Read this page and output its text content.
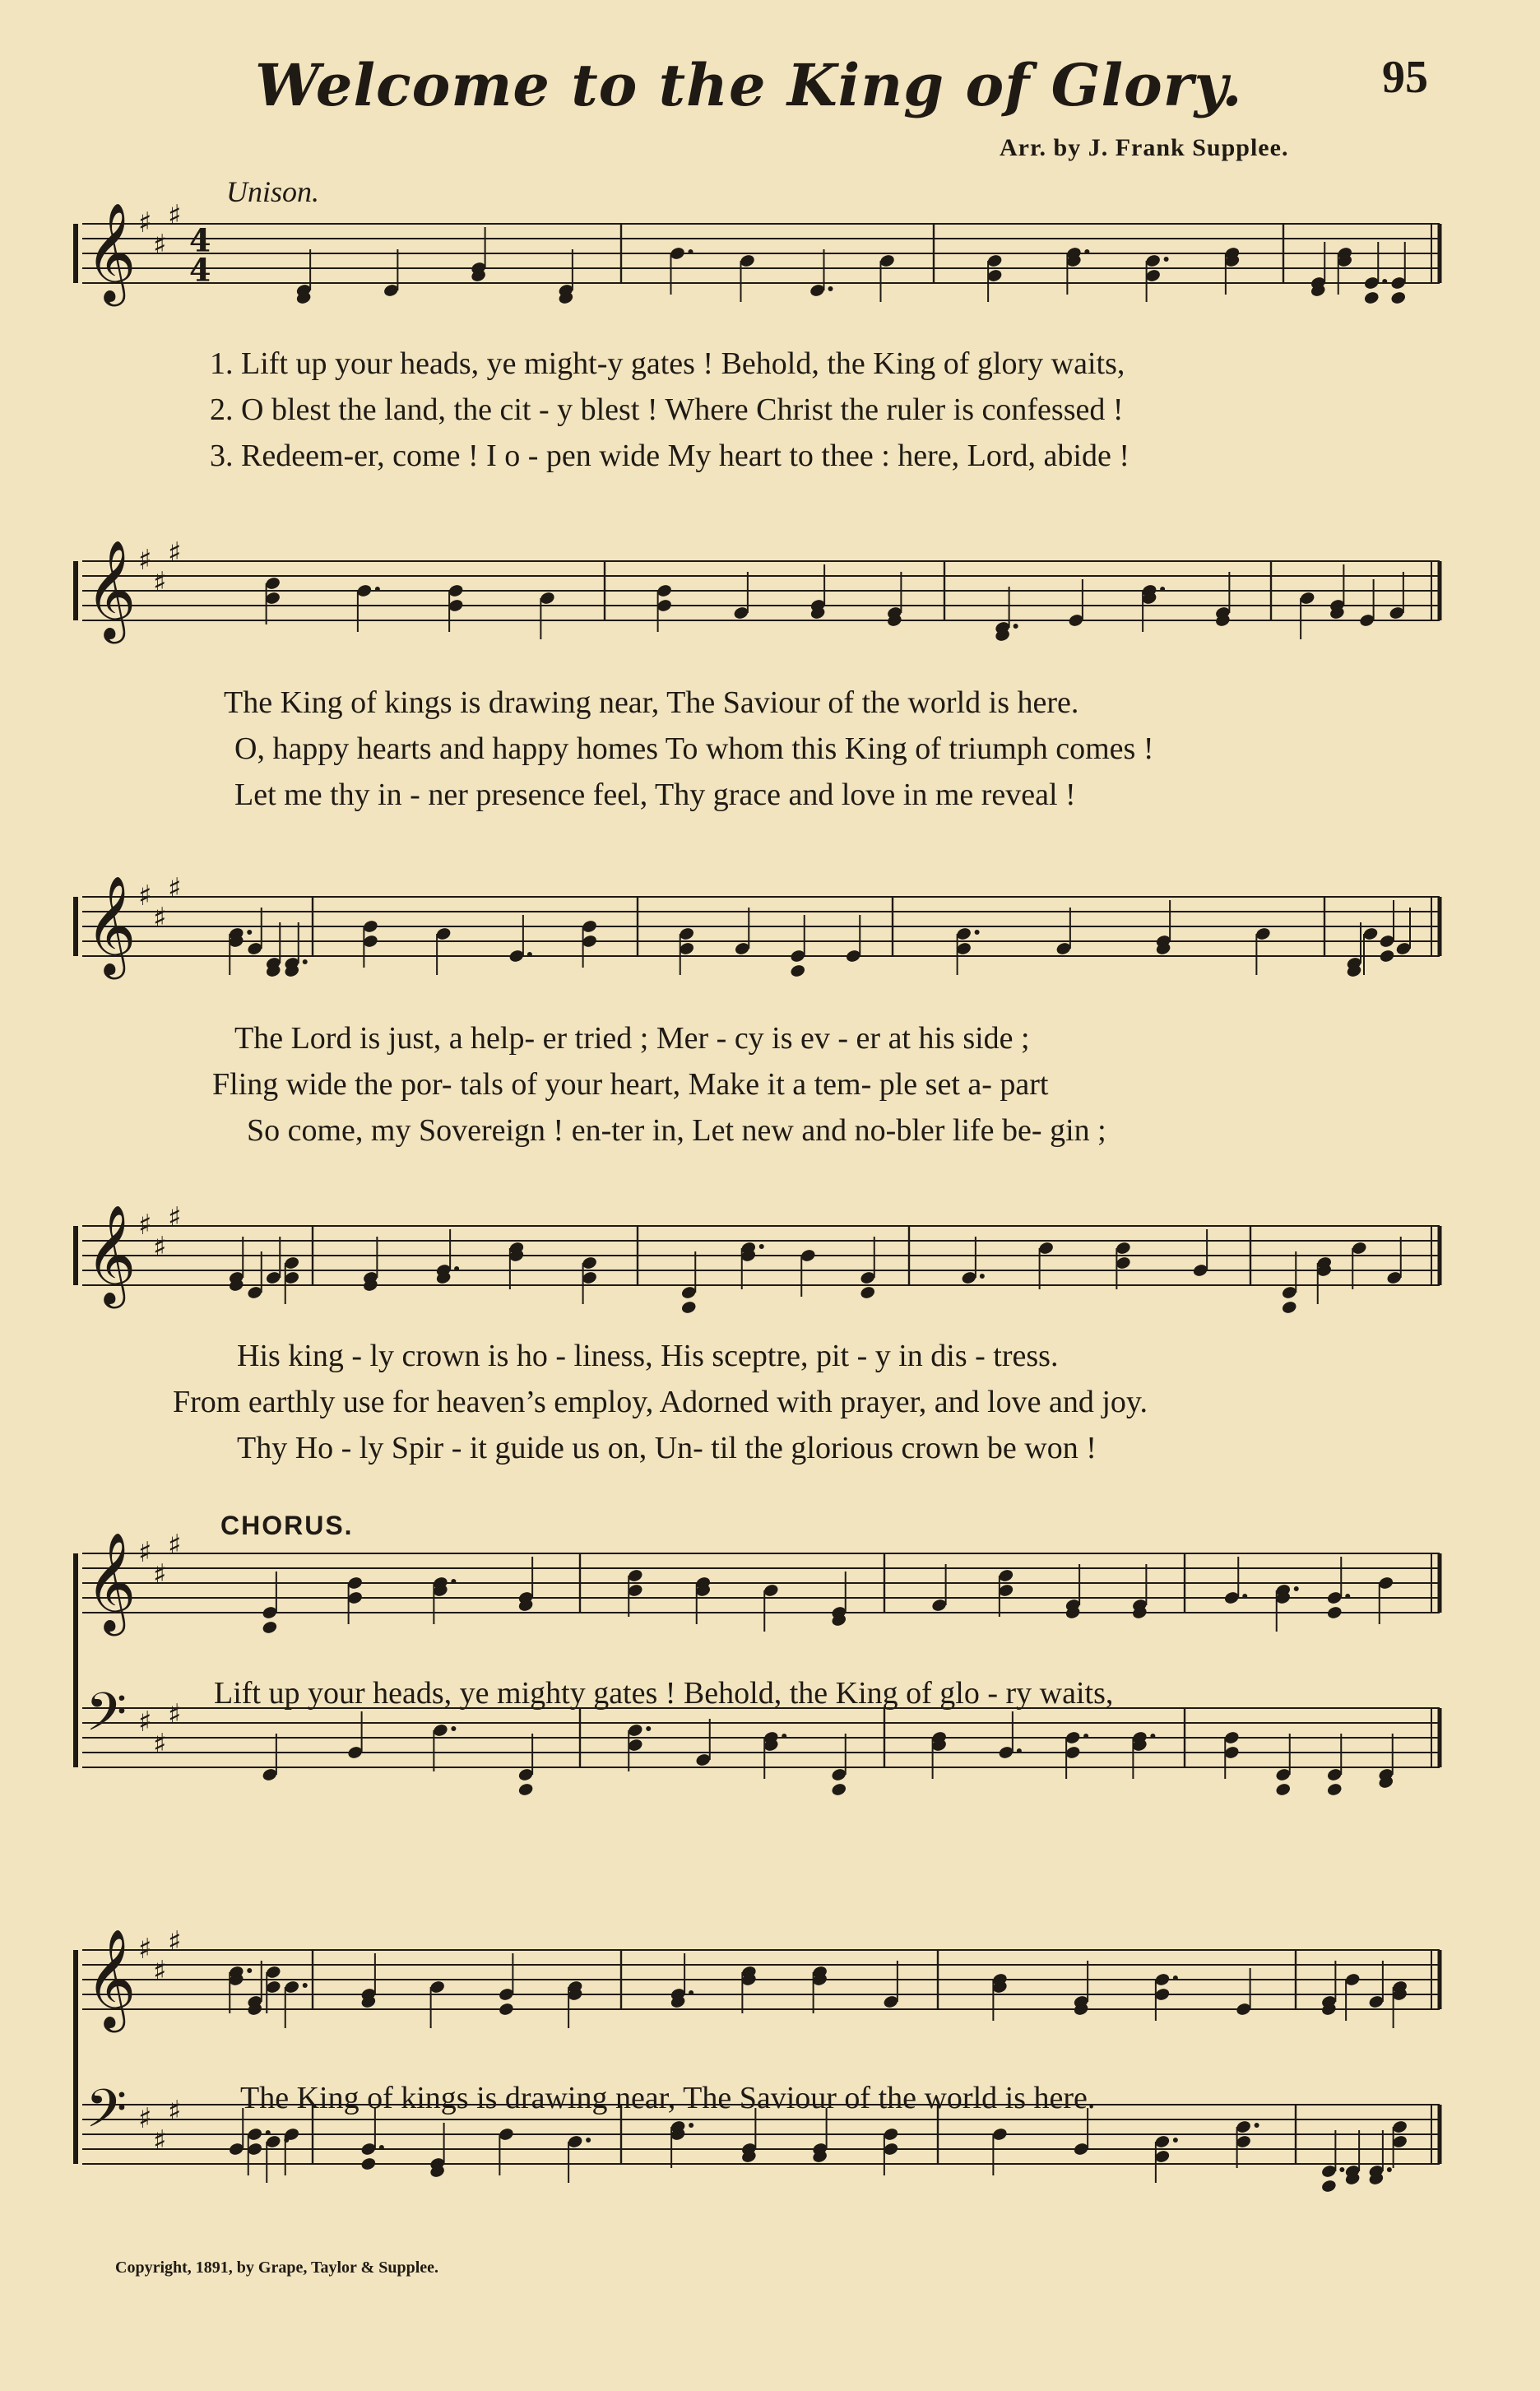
Welcome to the King of Glory.	95
Arr. by J. Frank Supplee.
Unison.
𝄞 ♯
♯
♯
4
4
1. Lift up your heads, ye might-y gates ! Behold, the King of glory waits,
2. O blest the land, the cit - y blest ! Where Christ the ruler is confessed !
3. Redeem-er, come ! I o - pen wide My heart to thee : here, Lord, abide !
𝄞 ♯
♯
♯
The King of kings is drawing near, The Saviour of the world is here.
O, happy hearts and happy homes To whom this King of triumph comes !
Let me thy in - ner presence feel, Thy grace and love in me reveal !
𝄞 ♯
♯
♯
The Lord is just, a help- er tried ; Mer - cy is ev - er at his side ;
Fling wide the por- tals of your heart, Make it a tem- ple set a- part
So come, my Sovereign ! en-ter in, Let new and no-bler life be- gin ;
𝄞 ♯
♯
♯
His king - ly crown is ho - liness, His sceptre, pit - y in dis - tress.
From earthly use for heaven’s employ, Adorned with prayer, and love and joy.
Thy Ho - ly Spir - it guide us on, Un- til the glorious crown be won !
CHORUS.
𝄞 ♯
♯
♯
𝄢 ♯
♯
♯
Lift up your heads, ye mighty gates ! Behold, the King of glo - ry waits,
𝄞 ♯
♯
♯
𝄢 ♯
♯
♯ The King of kings is drawing near, The Saviour of the world is here.
Copyright, 1891, by Grape, Taylor & Supplee.
